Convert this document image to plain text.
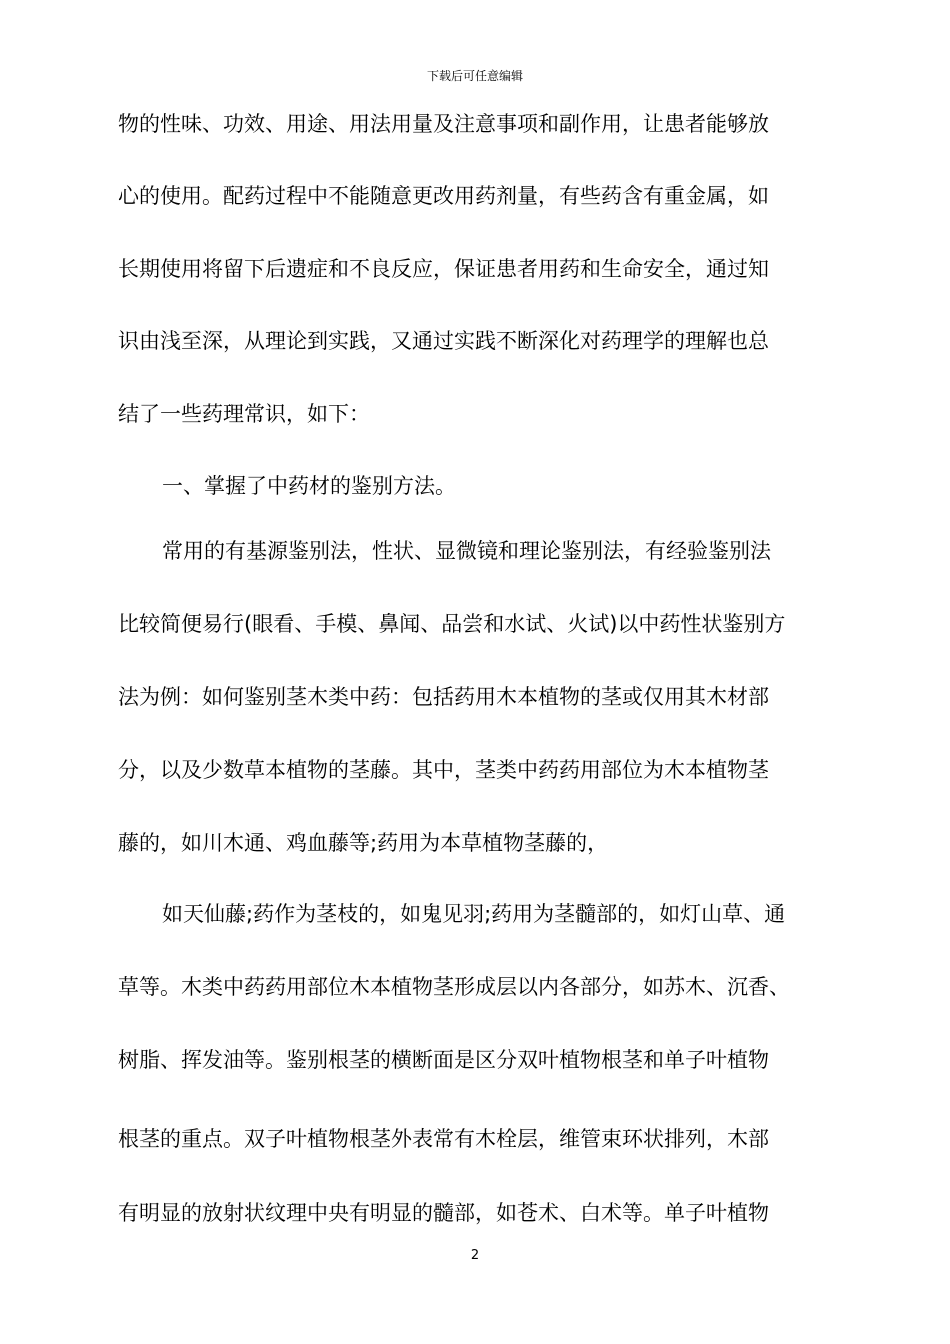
下载后可任意编辑
物的性味、功效、用途、用法用量及注意事项和副作用，让患者能够放
心的使用。配药过程中不能随意更改用药剂量，有些药含有重金属，如
长期使用将留下后遗症和不良反应，保证患者用药和生命安全，通过知
识由浅至深，从理论到实践，又通过实践不断深化对药理学的理解也总
结了一些药理常识，如下：
一、掌握了中药材的鉴别方法。
常用的有基源鉴别法，性状、显微镜和理论鉴别法，有经验鉴别法
比较简便易行(眼看、手模、鼻闻、品尝和水试、火试)以中药性状鉴别方
法为例：如何鉴别茎木类中药：包括药用木本植物的茎或仅用其木材部
分，以及少数草本植物的茎藤。其中，茎类中药药用部位为木本植物茎
藤的，如川木通、鸡血藤等;药用为本草植物茎藤的，
如天仙藤;药作为茎枝的，如鬼见羽;药用为茎髓部的，如灯山草、通
草等。木类中药药用部位木本植物茎形成层以内各部分，如苏木、沉香、
树脂、挥发油等。鉴别根茎的横断面是区分双叶植物根茎和单子叶植物
根茎的重点。双子叶植物根茎外表常有木栓层，维管束环状排列，木部
有明显的放射状纹理中央有明显的髓部，如苍术、白术等。单子叶植物
2
